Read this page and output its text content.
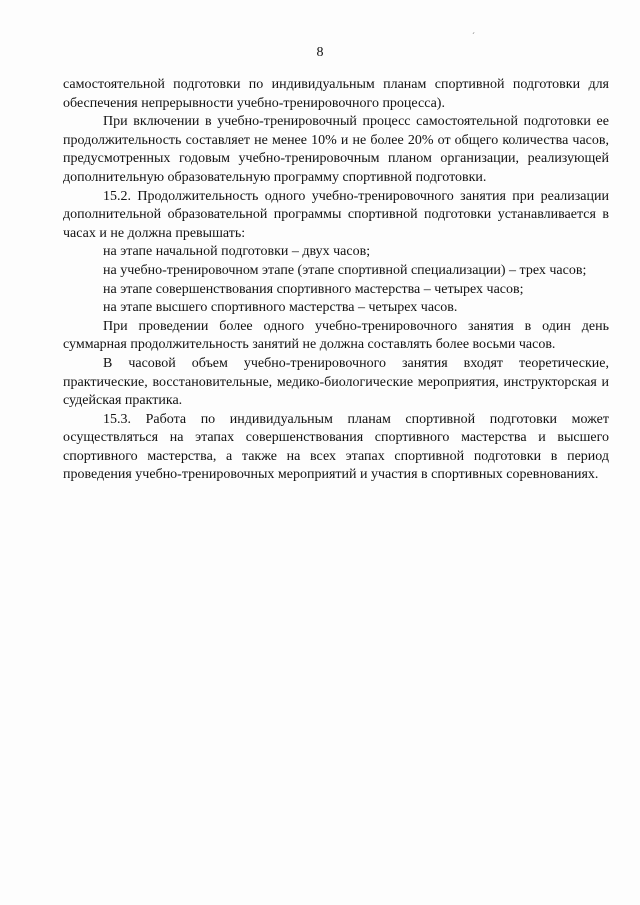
´
8

самостоятельной подготовки по индивидуальным планам спортивной подготовки для обеспечения непрерывности учебно-тренировочного процесса).

При включении в учебно-тренировочный процесс самостоятельной подготовки ее продолжительность составляет не менее 10% и не более 20% от общего количества часов, предусмотренных годовым учебно-тренировочным планом организации, реализующей дополнительную образовательную программу спортивной подготовки.

15.2. Продолжительность одного учебно-тренировочного занятия при реализации дополнительной образовательной программы спортивной подготовки устанавливается в часах и не должна превышать:

на этапе начальной подготовки – двух часов;

на учебно-тренировочном этапе (этапе спортивной специализации) – трех часов;

на этапе совершенствования спортивного мастерства – четырех часов;

на этапе высшего спортивного мастерства – четырех часов.

При проведении более одного учебно-тренировочного занятия в один день суммарная продолжительность занятий не должна составлять более восьми часов.

В часовой объем учебно-тренировочного занятия входят теоретические, практические, восстановительные, медико-биологические мероприятия, инструкторская и судейская практика.

15.3. Работа по индивидуальным планам спортивной подготовки может осуществляться на этапах совершенствования спортивного мастерства и высшего спортивного мастерства, а также на всех этапах спортивной подготовки в период проведения учебно-тренировочных мероприятий и участия в спортивных соревнованиях.
